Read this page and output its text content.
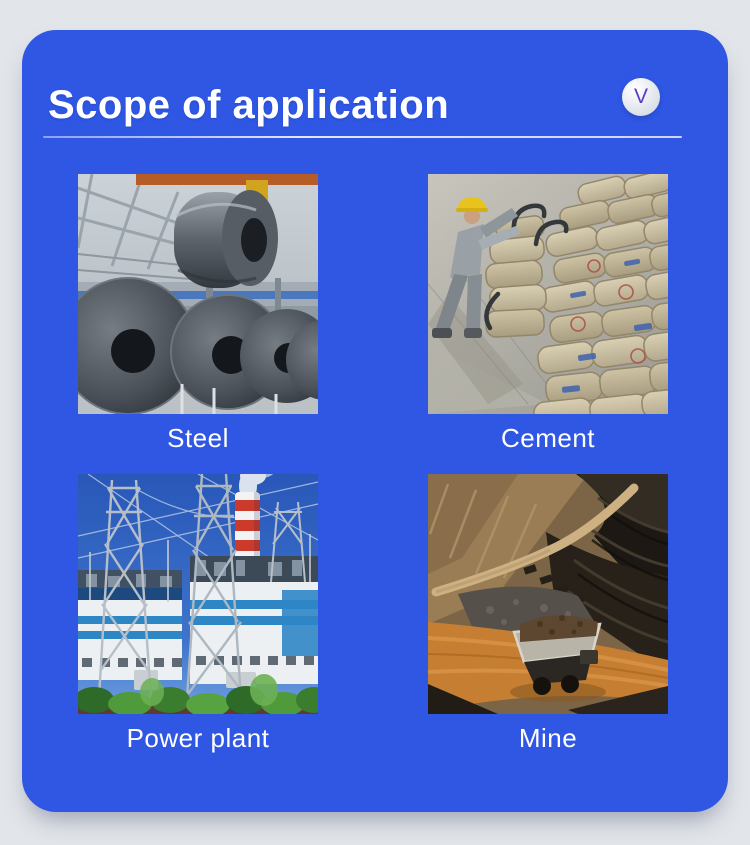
Scope of application	V
Steel	Cement
Power plant	Mine
